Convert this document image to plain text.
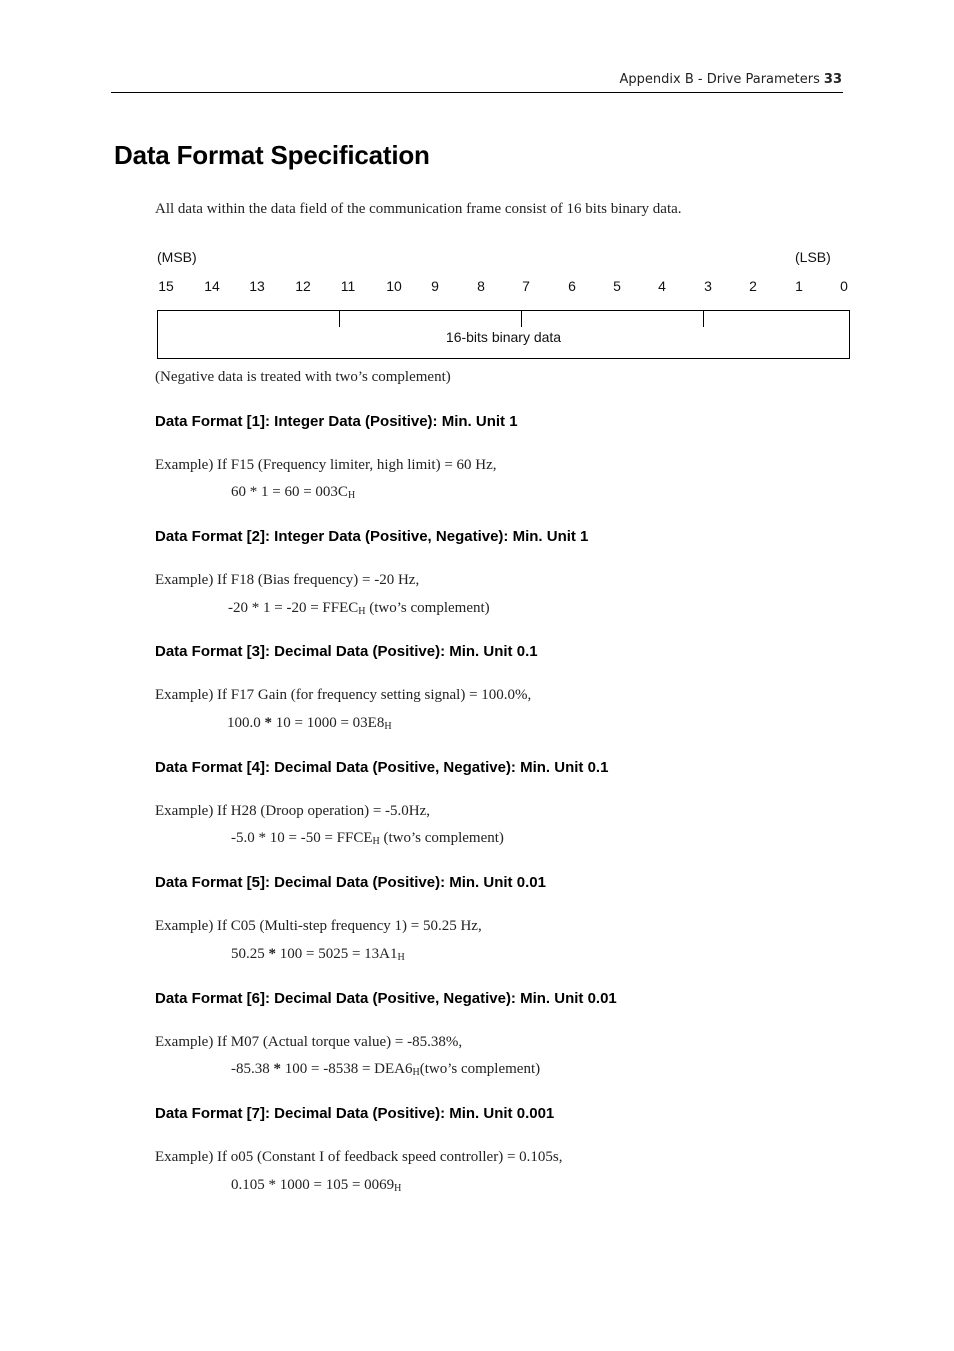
Appendix B - Drive Parameters 33
Data Format Specification
All data within the data field of the communication frame consist of 16 bits binary data.
(MSB)	(LSB)
15	14	13	12	11	10	9	8	7	6	5	4	3	2	1	0
16-bits binary data
(Negative data is treated with two’s complement)
Data Format [1]: Integer Data (Positive): Min. Unit 1
Example) If F15 (Frequency limiter, high limit) = 60 Hz,
$60 * 1 = 60 = 003C_H$
Data Format [2]: Integer Data (Positive, Negative): Min. Unit 1
Example) If F18 (Bias frequency) = -20 Hz,
$-20 * 1 = -20 = FFEC_H$ (two’s complement)
Data Format [3]: Decimal Data (Positive): Min. Unit 0.1
Example) If F17 Gain (for frequency setting signal) = 100.0%,
$100.0 * 10 = 1000 = 03E8_H$
Data Format [4]: Decimal Data (Positive, Negative): Min. Unit 0.1
Example) If H28 (Droop operation) = -5.0Hz,
$-5.0 * 10 = -50 = FFCE_H$ (two’s complement)
Data Format [5]: Decimal Data (Positive): Min. Unit 0.01
Example) If C05 (Multi-step frequency 1) = 50.25 Hz,
$50.25 * 100 = 5025 = 13A1_H$
Data Format [6]: Decimal Data (Positive, Negative): Min. Unit 0.01
Example) If M07 (Actual torque value) = -85.38%,
$-85.38 * 100 = -8538 = DEA6_H(two’s$ complement)
Data Format [7]: Decimal Data (Positive): Min. Unit 0.001
Example) If o05 (Constant I of feedback speed controller) = 0.105s,
$0.105 * 1000 = 105 = 0069_H$
